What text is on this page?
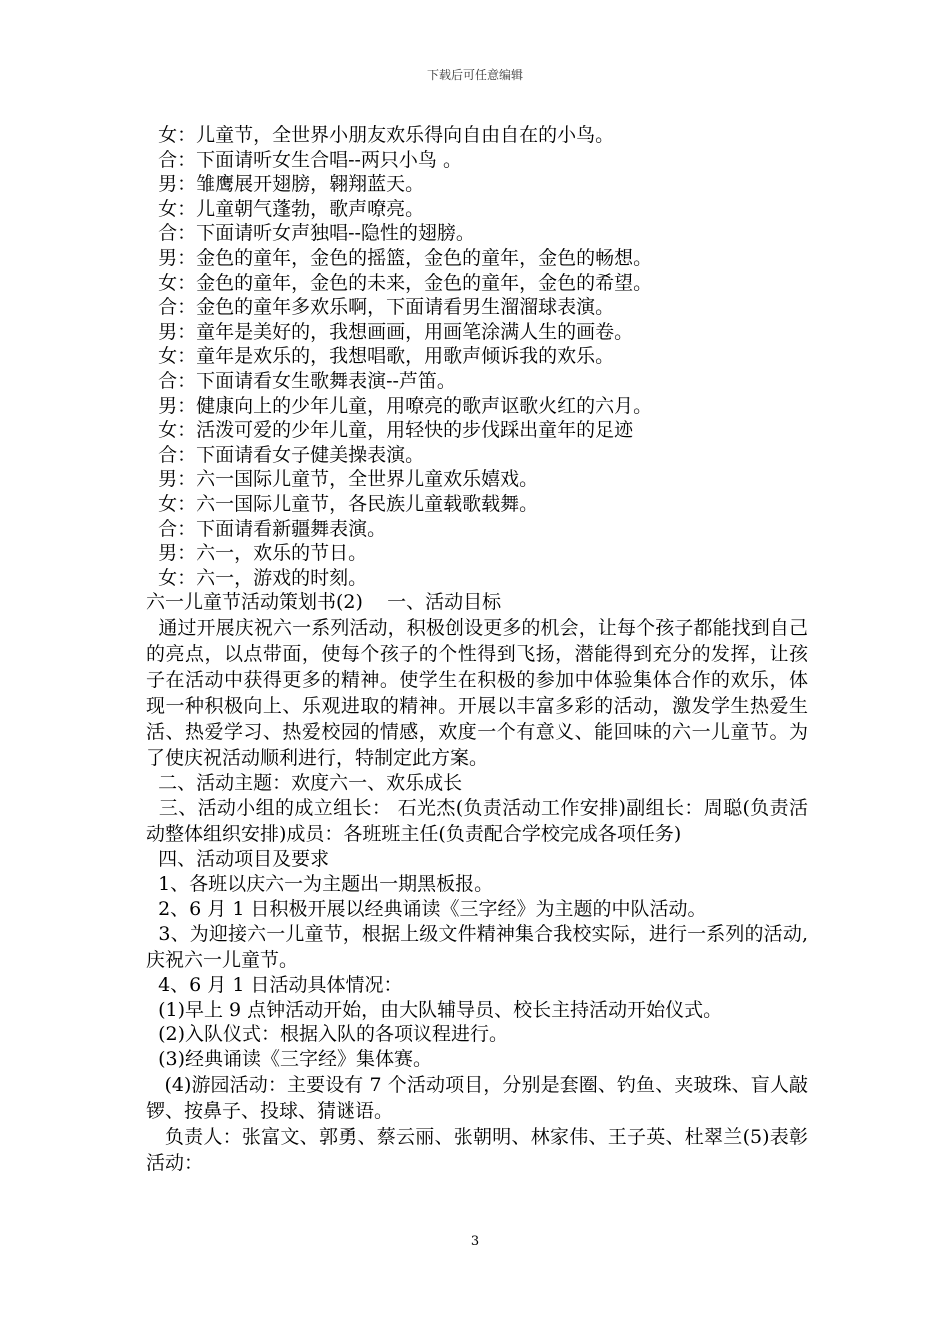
下载后可任意编辑
女：儿童节，全世界小朋友欢乐得向自由自在的小鸟。
合：下面请听女生合唱--两只小鸟 。
男：雏鹰展开翅膀，翱翔蓝天。
女：儿童朝气蓬勃，歌声嘹亮。
合：下面请听女声独唱--隐性的翅膀。
男：金色的童年，金色的摇篮，金色的童年，金色的畅想。
女：金色的童年，金色的未来，金色的童年，金色的希望。
合：金色的童年多欢乐啊，下面请看男生溜溜球表演。
男：童年是美好的，我想画画，用画笔涂满人生的画卷。
女：童年是欢乐的，我想唱歌，用歌声倾诉我的欢乐。
合：下面请看女生歌舞表演--芦笛。
男：健康向上的少年儿童，用嘹亮的歌声讴歌火红的六月。
女：活泼可爱的少年儿童，用轻快的步伐踩出童年的足迹
合：下面请看女子健美操表演。
男：六一国际儿童节，全世界儿童欢乐嬉戏。
女：六一国际儿童节，各民族儿童载歌载舞。
合：下面请看新疆舞表演。
男：六一，欢乐的节日。
女：六一，游戏的时刻。
六一儿童节活动策划书(2)    一、活动目标
通过开展庆祝六一系列活动，积极创设更多的机会，让每个孩子都能找到自己的亮点，以点带面，使每个孩子的个性得到飞扬，潜能得到充分的发挥，让孩子在活动中获得更多的精神。使学生在积极的参加中体验集体合作的欢乐，体现一种积极向上、乐观进取的精神。开展以丰富多彩的活动，激发学生热爱生活、热爱学习、热爱校园的情感，欢度一个有意义、能回味的六一儿童节。为了使庆祝活动顺利进行，特制定此方案。
二、活动主题：欢度六一、欢乐成长
三、活动小组的成立组长： 石光杰(负责活动工作安排)副组长：周聪(负责活动整体组织安排)成员：各班班主任(负责配合学校完成各项任务)
四、活动项目及要求
1、各班以庆六一为主题出一期黑板报。
2、6 月 1 日积极开展以经典诵读《三字经》为主题的中队活动。
3、为迎接六一儿童节，根据上级文件精神集合我校实际，进行一系列的活动,庆祝六一儿童节。
4、6 月 1 日活动具体情况：
(1)早上 9 点钟活动开始，由大队辅导员、校长主持活动开始仪式。
(2)入队仪式：根据入队的各项议程进行。
(3)经典诵读《三字经》集体赛。
(4)游园活动：主要设有 7 个活动项目，分别是套圈、钓鱼、夹玻珠、盲人敲锣、按鼻子、投球、猜谜语。
负责人：张富文、郭勇、蔡云丽、张朝明、林家伟、王子英、杜翠兰(5)表彰活动：
3
